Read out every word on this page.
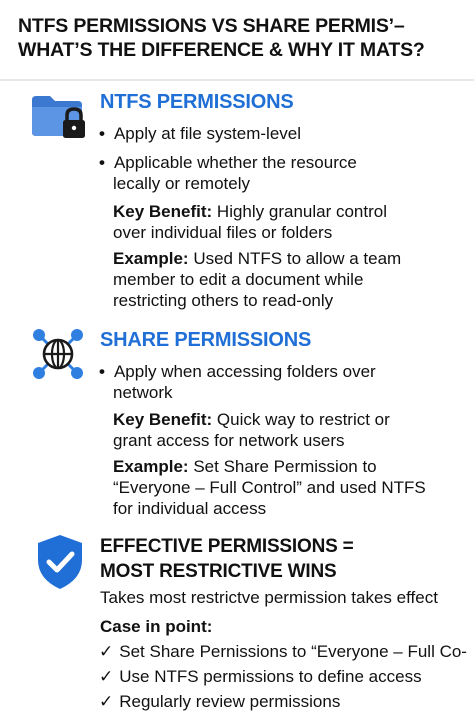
NTFS PERMISSIONS VS SHARE PERMIS’–
WHAT’S THE DIFFERENCE & WHY IT MATS?
NTFS PERMISSIONS
• Apply at file system-level
• Applicable whether the resource
lecally or remotely
Key Benefit: Highly granular control
over individual files or folders
Example: Used NTFS to allow a team
member to edit a document while
restricting others to read-only
SHARE PERMISSIONS
• Apply when accessing folders over
network
Key Benefit: Quick way to restrict or
grant access for network users
Example: Set Share Permission to
“Everyone – Full Control” and used NTFS
for individual access
EFFECTIVE PERMISSIONS =
MOST RESTRICTIVE WINS
Takes most restrictve permission takes effect
Case in point:
✓ Set Share Pernissions to “Everyone – Full Co-
✓ Use NTFS permissions to define access
✓ Regularly review permissions
